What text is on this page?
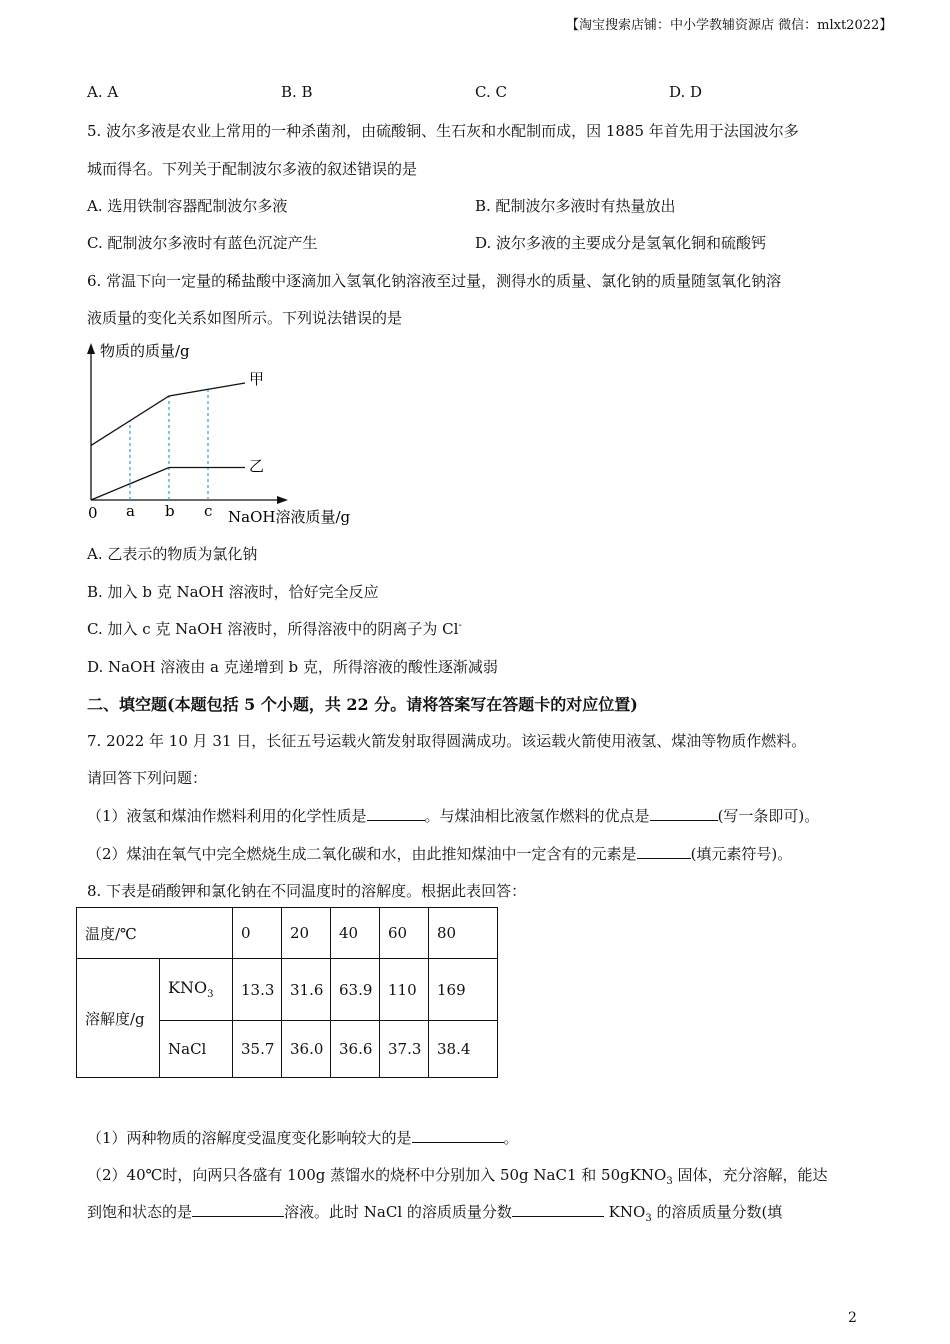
【淘宝搜索店铺：中小学教辅资源店 微信：mlxt2022】
A. A	B. B	C. C	D. D
5. 波尔多液是农业上常用的一种杀菌剂，由硫酸铜、生石灰和水配制而成，因 1885 年首先用于法国波尔多
城而得名。下列关于配制波尔多液的叙述错误的是
A. 选用铁制容器配制波尔多液	B. 配制波尔多液时有热量放出
C. 配制波尔多液时有蓝色沉淀产生	D. 波尔多液的主要成分是氢氧化铜和硫酸钙
6. 常温下向一定量的稀盐酸中逐滴加入氢氧化钠溶液至过量，测得水的质量、氯化钠的质量随氢氧化钠溶
液质量的变化关系如图所示。下列说法错误的是
物质的质量/g
甲
乙
0 a b c NaOH溶液质量/g
A. 乙表示的物质为氯化钠
B. 加入 b 克 NaOH 溶液时，恰好完全反应
C. 加入 c 克 NaOH 溶液时，所得溶液中的阴离子为 Cl-
D. NaOH 溶液由 a 克递增到 b 克，所得溶液的酸性逐渐减弱
二、填空题(本题包括 5 个小题，共 22 分。请将答案写在答题卡的对应位置)
7. 2022 年 10 月 31 日，长征五号运载火箭发射取得圆满成功。该运载火箭使用液氢、煤油等物质作燃料。
请回答下列问题：
（1）液氢和煤油作燃料利用的化学性质是	。与煤油相比液氢作燃料的优点是	(写一条即可)。
（2）煤油在氧气中完全燃烧生成二氧化碳和水，由此推知煤油中一定含有的元素是	(填元素符号)。
8. 下表是硝酸钾和氯化钠在不同温度时的溶解度。根据此表回答：
温度/℃		0	20	40	60	80
溶解度/g	$KNO_3$	13.3	31.6	63.9	110	169
	NaCl	35.7	36.0	36.6	37.3	38.4
（1）两种物质的溶解度受温度变化影响较大的是	。
（2）40℃时，向两只各盛有 100g 蒸馏水的烧杯中分别加入 50g NaC1 和 50gKNO$_3$ 固体，充分溶解，能达
到饱和状态的是	溶液。此时 NaCl 的溶质质量分数	$KNO_3$ 的溶质质量分数(填
2
